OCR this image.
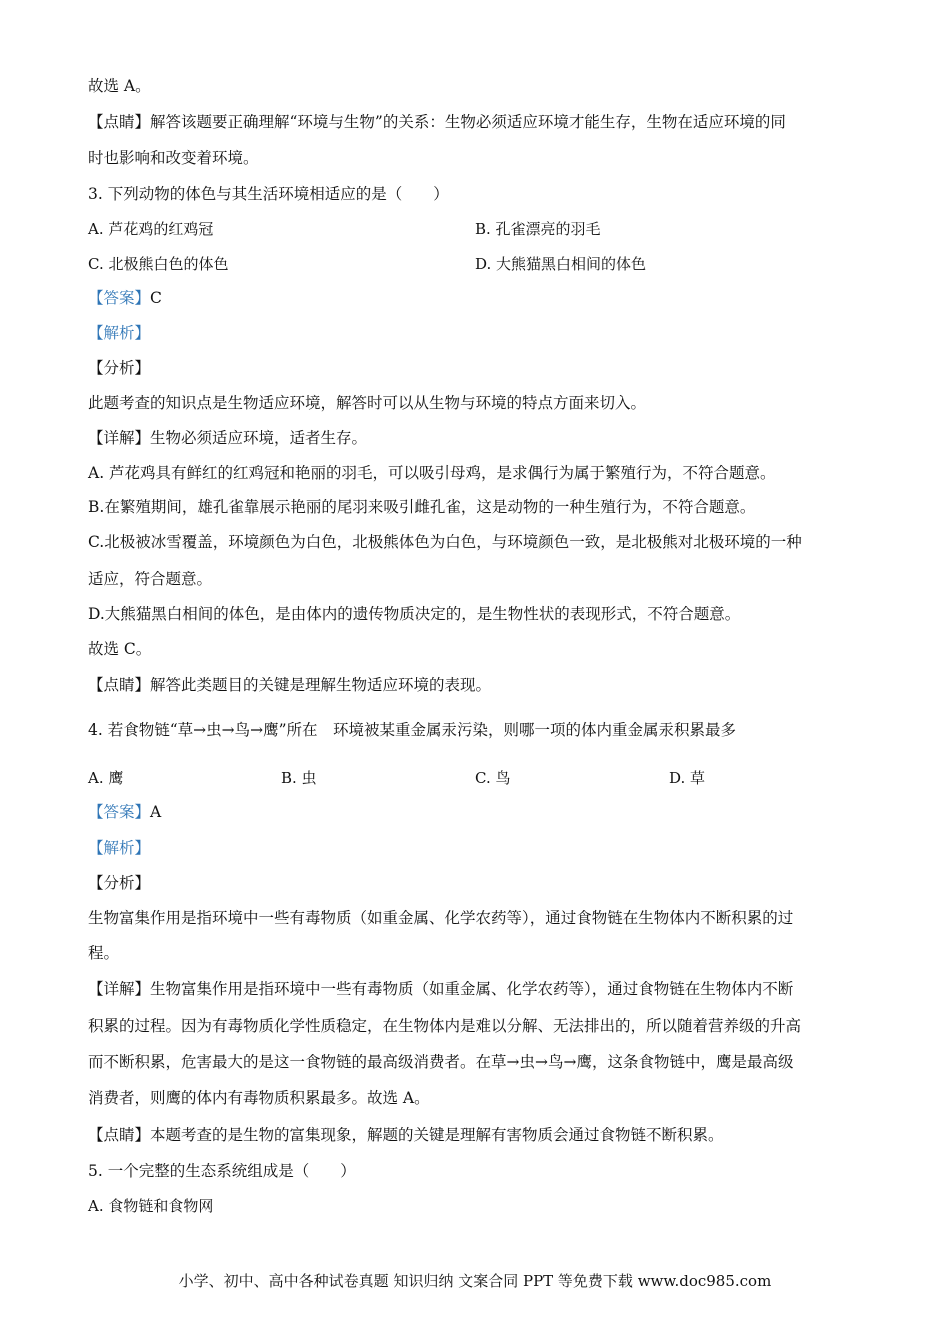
故选 A。
【点睛】解答该题要正确理解“环境与生物”的关系：生物必须适应环境才能生存，生物在适应环境的同
时也影响和改变着环境。
3. 下列动物的体色与其生活环境相适应的是（　　）
A. 芦花鸡的红鸡冠	B. 孔雀漂亮的羽毛
C. 北极熊白色的体色	D. 大熊猫黑白相间的体色
【答案】C
【解析】
【分析】
此题考查的知识点是生物适应环境，解答时可以从生物与环境的特点方面来切入。
【详解】生物必须适应环境，适者生存。
A. 芦花鸡具有鲜红的红鸡冠和艳丽的羽毛，可以吸引母鸡，是求偶行为属于繁殖行为，不符合题意。
B.在繁殖期间，雄孔雀靠展示艳丽的尾羽来吸引雌孔雀，这是动物的一种生殖行为，不符合题意。
C.北极被冰雪覆盖，环境颜色为白色，北极熊体色为白色，与环境颜色一致，是北极熊对北极环境的一种
适应，符合题意。
D.大熊猫黑白相间的体色，是由体内的遗传物质决定的，是生物性状的表现形式，不符合题意。
故选 C。
【点睛】解答此类题目的关键是理解生物适应环境的表现。
4. 若食物链“草→虫→鸟→鹰”所在　环境被某重金属汞污染，则哪一项的体内重金属汞积累最多
A. 鹰	B. 虫	C. 鸟	D. 草
【答案】A
【解析】
【分析】
生物富集作用是指环境中一些有毒物质（如重金属、化学农药等），通过食物链在生物体内不断积累的过
程。
【详解】生物富集作用是指环境中一些有毒物质（如重金属、化学农药等），通过食物链在生物体内不断
积累的过程。因为有毒物质化学性质稳定，在生物体内是难以分解、无法排出的，所以随着营养级的升高
而不断积累，危害最大的是这一食物链的最高级消费者。在草→虫→鸟→鹰，这条食物链中，鹰是最高级
消费者，则鹰的体内有毒物质积累最多。故选 A。
【点睛】本题考查的是生物的富集现象，解题的关键是理解有害物质会通过食物链不断积累。
5. 一个完整的生态系统组成是（　　）
A. 食物链和食物网
小学、初中、高中各种试卷真题 知识归纳 文案合同 PPT 等免费下载 www.doc985.com
